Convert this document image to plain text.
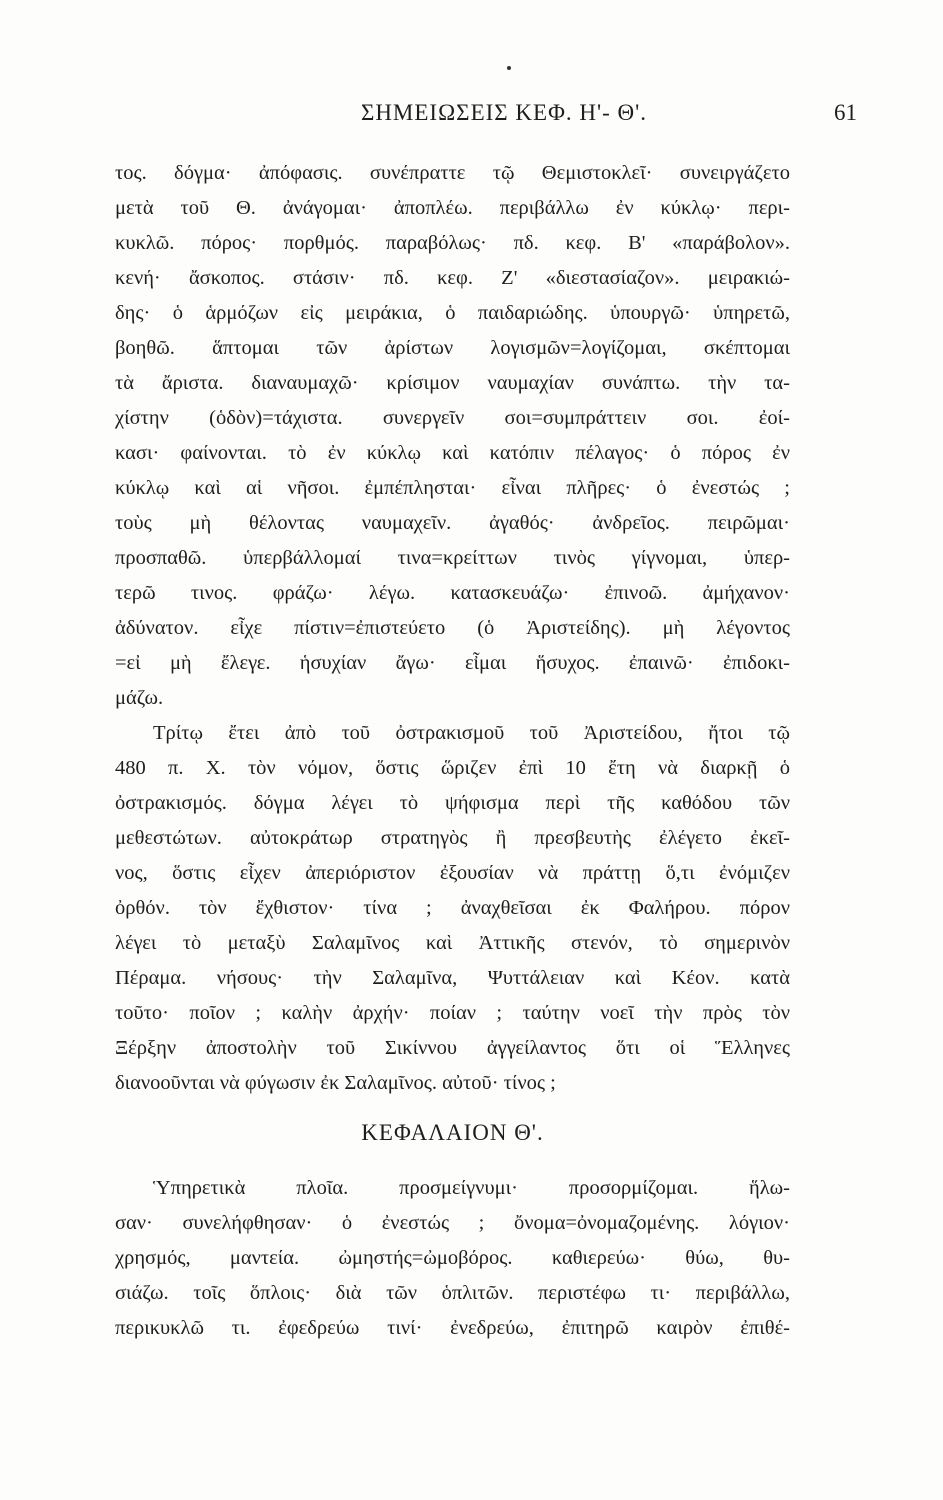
ΣΗΜΕΙΩΣΕΙΣ ΚΕΦ. Η'- Θ'.	61
τος. δόγμα· ἀπόφασις. συνέπραττε τῷ Θεμιστοκλεῖ· συνειργάζετο
μετὰ τοῦ Θ. ἀνάγομαι· ἀποπλέω. περιβάλλω ἐν κύκλῳ· περι-
κυκλῶ. πόρος· πορθμός. παραβόλως· πδ. κεφ. Β' «παράβολον».
κενή· ἄσκοπος. στάσιν· πδ. κεφ. Ζ' «διεστασίαζον». μειρακιώ-
δης· ὁ ἁρμόζων εἰς μειράκια, ὁ παιδαριώδης. ὑπουργῶ· ὑπηρετῶ,
βοηθῶ. ἅπτομαι τῶν ἀρίστων λογισμῶν=λογίζομαι, σκέπτομαι
τὰ ἄριστα. διαναυμαχῶ· κρίσιμον ναυμαχίαν συνάπτω. τὴν τα-
χίστην (ὁδὸν)=τάχιστα. συνεργεῖν σοι=συμπράττειν σοι. ἐοί-
κασι· φαίνονται. τὸ ἐν κύκλῳ καὶ κατόπιν πέλαγος· ὁ πόρος ἐν
κύκλῳ καὶ αἱ νῆσοι. ἐμπέπλησται· εἶναι πλῆρες· ὁ ἐνεστώς ;
τοὺς μὴ θέλοντας ναυμαχεῖν. ἀγαθός· ἀνδρεῖος. πειρῶμαι·
προσπαθῶ. ὑπερβάλλομαί τινα=κρείττων τινὸς γίγνομαι, ὑπερ-
τερῶ τινος. φράζω· λέγω. κατασκευάζω· ἐπινοῶ. ἀμήχανον·
ἀδύνατον. εἶχε πίστιν=ἐπιστεύετο (ὁ Ἀριστείδης). μὴ λέγοντος
=εἰ μὴ ἔλεγε. ἡσυχίαν ἄγω· εἶμαι ἥσυχος. ἐπαινῶ· ἐπιδοκι-
μάζω.
Τρίτῳ ἔτει ἀπὸ τοῦ ὀστρακισμοῦ τοῦ Ἀριστείδου, ἤτοι τῷ
480 π. Χ. τὸν νόμον, ὅστις ὥριζεν ἐπὶ 10 ἔτη νὰ διαρκῇ ὁ
ὀστρακισμός. δόγμα λέγει τὸ ψήφισμα περὶ τῆς καθόδου τῶν
μεθεστώτων. αὐτοκράτωρ στρατηγὸς ἢ πρεσβευτὴς ἐλέγετο ἐκεῖ-
νος, ὅστις εἶχεν ἀπεριόριστον ἐξουσίαν νὰ πράττῃ ὅ,τι ἐνόμιζεν
ὀρθόν. τὸν ἔχθιστον· τίνα ; ἀναχθεῖσαι ἐκ Φαλήρου. πόρον
λέγει τὸ μεταξὺ Σαλαμῖνος καὶ Ἀττικῆς στενόν, τὸ σημερινὸν
Πέραμα. νήσους· τὴν Σαλαμῖνα, Ψυττάλειαν καὶ Κέον. κατὰ
τοῦτο· ποῖον ; καλὴν ἀρχήν· ποίαν ; ταύτην νοεῖ τὴν πρὸς τὸν
Ξέρξην ἀποστολὴν τοῦ Σικίννου ἀγγείλαντος ὅτι οἱ Ἕλληνες
διανοοῦνται νὰ φύγωσιν ἐκ Σαλαμῖνος. αὐτοῦ· τίνος ;
ΚΕΦΑΛΑΙΟΝ Θ'.
Ὑπηρετικὰ πλοῖα. προσμείγνυμι· προσορμίζομαι. ἥλω-
σαν· συνελήφθησαν· ὁ ἐνεστώς ; ὄνομα=ὀνομαζομένης. λόγιον·
χρησμός, μαντεία. ὠμηστής=ὠμοβόρος. καθιερεύω· θύω, θυ-
σιάζω. τοῖς ὅπλοις· διὰ τῶν ὁπλιτῶν. περιστέφω τι· περιβάλλω,
περικυκλῶ τι. ἐφεδρεύω τινί· ἐνεδρεύω, ἐπιτηρῶ καιρὸν ἐπιθέ-
